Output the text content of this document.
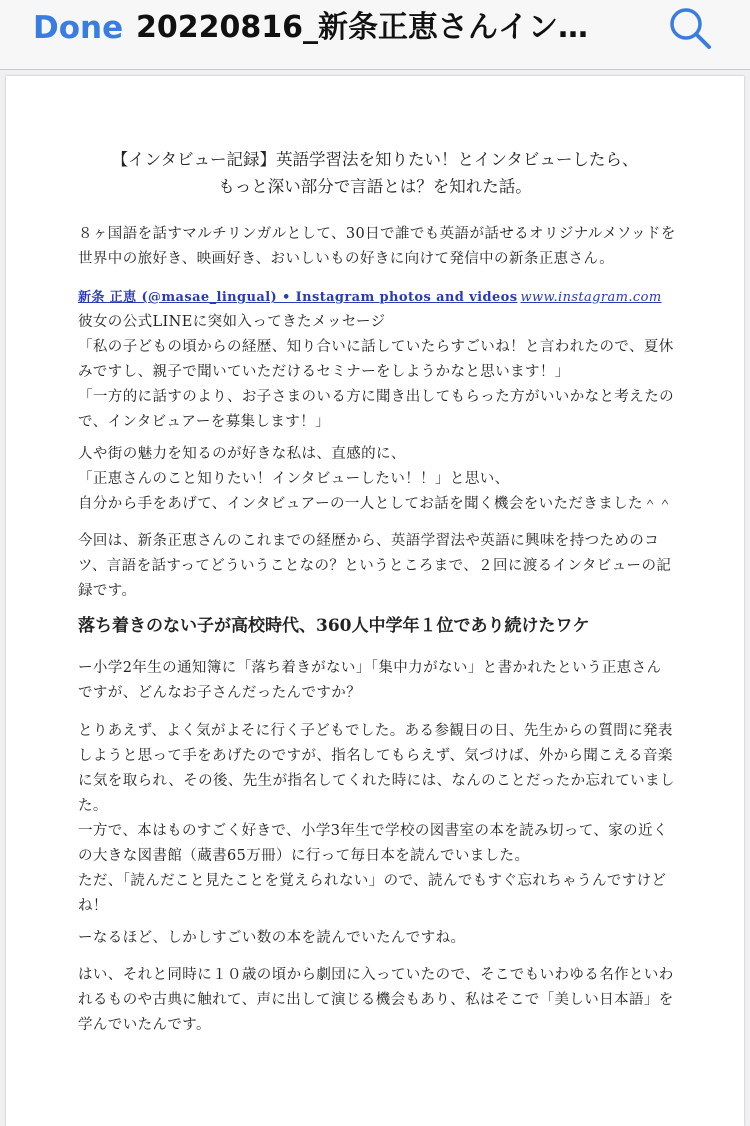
Done 20220816_新条正恵さんイン…
【インタビュー記録】英語学習法を知りたい！とインタビューしたら、
もっと深い部分で言語とは？を知れた話。
８ヶ国語を話すマルチリンガルとして、30日で誰でも英語が話せるオリジナルメソッドを
世界中の旅好き、映画好き、おいしいもの好きに向けて発信中の新条正恵さん。
新条 正恵 (@masae_lingual) • Instagram photos and videos www.instagram.com
彼女の公式LINEに突如入ってきたメッセージ
「私の子どもの頃からの経歴、知り合いに話していたらすごいね！と言われたので、夏休
みですし、親子で聞いていただけるセミナーをしようかなと思います！」
「一方的に話すのより、お子さまのいる方に聞き出してもらった方がいいかなと考えたの
で、インタビュアーを募集します！」
人や街の魅力を知るのが好きな私は、直感的に、
「正恵さんのこと知りたい！インタビューしたい！！」と思い、
自分から手をあげて、インタビュアーの一人としてお話を聞く機会をいただきました＾＾
今回は、新条正恵さんのこれまでの経歴から、英語学習法や英語に興味を持つためのコ
ツ、言語を話すってどういうことなの？というところまで、２回に渡るインタビューの記
録です。
落ち着きのない子が高校時代、360人中学年１位であり続けたワケ
ー小学2年生の通知簿に「落ち着きがない」「集中力がない」と書かれたという正恵さん
ですが、どんなお子さんだったんですか？
とりあえず、よく気がよそに行く子どもでした。ある参観日の日、先生からの質問に発表
しようと思って手をあげたのですが、指名してもらえず、気づけば、外から聞こえる音楽
に気を取られ、その後、先生が指名してくれた時には、なんのことだったか忘れていまし
た。
一方で、本はものすごく好きで、小学3年生で学校の図書室の本を読み切って、家の近く
の大きな図書館（蔵書65万冊）に行って毎日本を読んでいました。
ただ、「読んだこと見たことを覚えられない」ので、読んでもすぐ忘れちゃうんですけど
ね！
ーなるほど、しかしすごい数の本を読んでいたんですね。
はい、それと同時に１０歳の頃から劇団に入っていたので、そこでもいわゆる名作といわ
れるものや古典に触れて、声に出して演じる機会もあり、私はそこで「美しい日本語」を
学んでいたんです。
